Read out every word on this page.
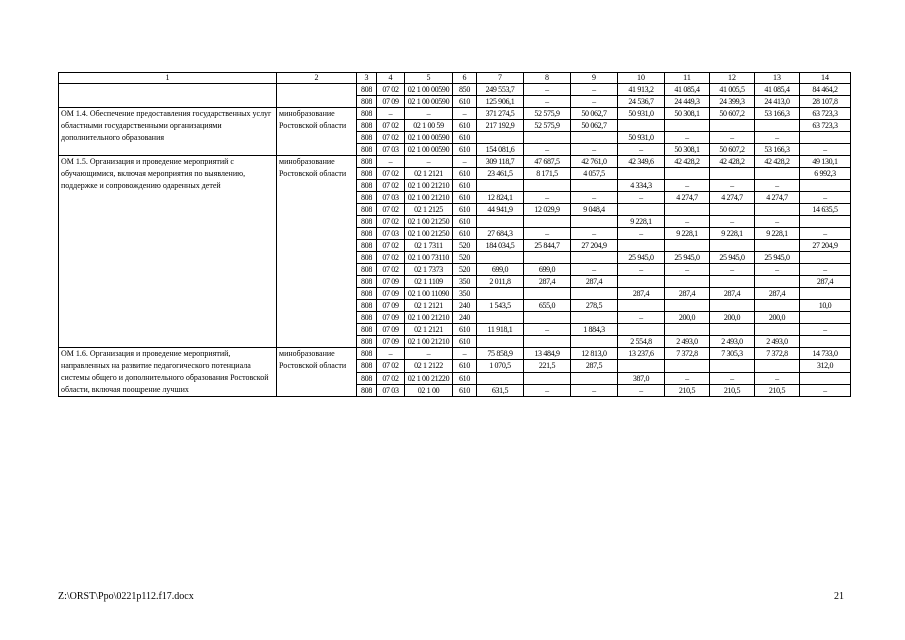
1	2	3	4	5	6	7	8	9	10	11	12	13	14
		808	07 02	02 1 00 00590	850	249 553,7	–	–	41 913,2	41 085,4	41 005,5	41 085,4	84 464,2
		808	07 09	02 1 00 00590	610	125 906,1	–	–	24 536,7	24 449,3	24 399,3	24 413,0	28 107,8
ОМ 1.4. Обеспечение предоставления государственных услуг областными государственными организациями дополнительного образования	минобразование Ростовской области	808	–	–	–	371 274,5	52 575,9	50 062,7	50 931,0	50 308,1	50 607,2	53 166,3	63 723,3
		808	07 02	02 1 00 59	610	217 192,9	52 575,9	50 062,7					63 723,3
		808	07 02	02 1 00 00590	610				50 931,0	–	–	–	
		808	07 03	02 1 00 00590	610	154 081,6	–	–	–	50 308,1	50 607,2	53 166,3	–
ОМ 1.5. Организация и проведение мероприятий с обучающимися, включая мероприятия по выявлению, поддержке и сопровождению одаренных детей	минобразование Ростовской области	808	–	–	–	309 118,7	47 687,5	42 761,0	42 349,6	42 428,2	42 428,2	42 428,2	49 130,1
		808	07 02	02 1 2121	610	23 461,5	8 171,5	4 057,5					6 992,3
		808	07 02	02 1 00 21210	610				4 334,3	–	–	–	
		808	07 03	02 1 00 21210	610	12 824,1	–	–	–	4 274,7	4 274,7	4 274,7	–
		808	07 02	02 1 2125	610	44 941,9	12 029,9	9 048,4					14 635,5
		808	07 02	02 1 00 21250	610				9 228,1	–	–	–	
		808	07 03	02 1 00 21250	610	27 684,3	–	–	–	9 228,1	9 228,1	9 228,1	–
		808	07 02	02 1 7311	520	184 034,5	25 844,7	27 204,9					27 204,9
		808	07 02	02 1 00 73110	520				25 945,0	25 945,0	25 945,0	25 945,0	
		808	07 02	02 1 7373	520	699,0	699,0	–	–	–	–	–	–
		808	07 09	02 1 1109	350	2 011,8	287,4	287,4					287,4
		808	07 09	02 1 00 11090	350				287,4	287,4	287,4	287,4	
		808	07 09	02 1 2121	240	1 543,5	655,0	278,5					10,0
		808	07 09	02 1 00 21210	240				–	200,0	200,0	200,0	
		808	07 09	02 1 2121	610	11 918,1	–	1 884,3					–
		808	07 09	02 1 00 21210	610				2 554,8	2 493,0	2 493,0	2 493,0	
ОМ 1.6. Организация и проведение мероприятий, направленных на развитие педагогического потенциала системы общего и дополнительного образования Ростовской области, включая поощрение лучших	минобразование Ростовской области	808	–	–	–	75 858,9	13 484,9	12 813,0	13 237,6	7 372,8	7 305,3	7 372,8	14 733,0
		808	07 02	02 1 2122	610	1 070,5	221,5	287,5					312,0
		808	07 02	02 1 00 21220	610				387,0	–	–	–	
		808	07 03	02 1 00	610	631,5	–	–	–	210,5	210,5	210,5	–
Z:\ORST\Ppo\0221p112.f17.docx	21
